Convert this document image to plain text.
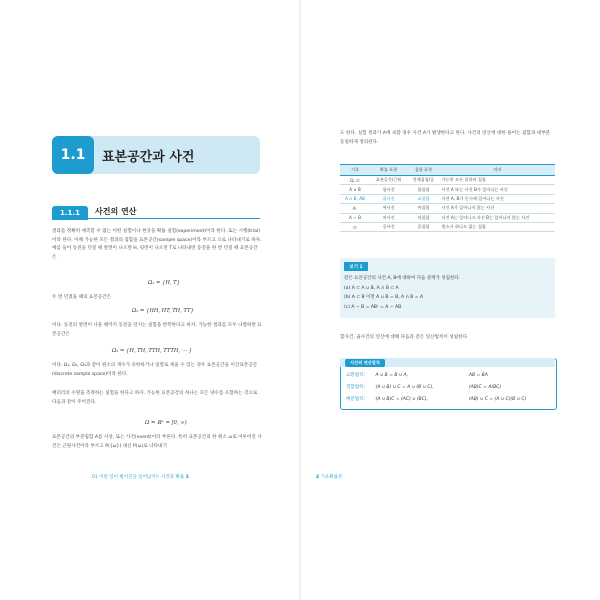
1.1	표본공간과 사건
1.1.1	사건의 연산
결과를 정확히 예측할 수 없는 어떤 실험이나 현상을 확률 실험(experiment)이라 한다. 또는 시행(trial)이라 한다. 이때 가능한 모든 결과의 집합을 표본공간(sample space)이라 부르고 으로 나타내기로 하자. 예를 들어 동전을 던질 때 앞면이 나오면 H, 뒷면이 나오면 T로 나타내면 동전을 한 번 던질 때 표본공간은
Ω₁ = {H, T}
두 번 던졌을 때의 표본공간은
Ω₂ = {HH, HT, TH, TT}
이다. 동전의 앞면이 나올 때까지 동전을 던지는 실험을 반복한다고 하자. 가능한 결과를 모두 나열하면 표본공간은
Ω₃ = {H, TH, TTH, TTTH, ⋯ }
이다. Ω₁, Ω₂, Ω₃과 같이 원소의 개수가 유한하거나 일렬로 세울 수 있는 경우 표본공간을 이산표본공간(discrete sample space)이라 한다.
배터리의 수명을 측정하는 실험을 한다고 하자. 가능한 표본공간의 하나는 모든 양수를 포함하는 것으로 다음과 같이 주어진다.
Ω = ℝ⁺ = [0, ∞)
표본공간의 부분집합 A를 사상, 또는 사건(event)이라 부른다. 특히 표본공간의 한 원소 ω로 이루어진 사건은 근원사건이라 부르고 P({ω}) 대신 P(ω)로 나타내기
01 어떤 일이 벌어진을 일어날까?: 사건과 확률 3
도 한다. 실험 결과가 A에 속할 경우 사건 A가 발생한다고 한다. 사건의 연산에 대한 용어는 집합과 대부분 동일하게 정의된다.
기호	확률 표현	집합 표현	의미
Ω, ∅	표본공간/근원	전체집합/공	가능한 모든 결과의 집합
A ∪ B	합사건	합집합	사건 A 또는 사건 B가 일어나는 사건
A ∩ B, AB	곱사건	교집합	사건 A, B가 동시에 일어나는 사건
Aᶜ	여사건	여집합	사건 A가 일어나지 않는 사건
A − B	차사건	차집합	사건 A는 일어나고 사건 B는 일어나지 않는 사건
∅	공사건	공집합	원소가 하나도 없는 집합
보기 1
같은 표본공간의 사건 A, B에 대하여 다음 관계가 성립한다.
(a) A ⊂ A ∪ B, A ∩ B ⊂ A
(b) A ⊂ B 이면 A ∪ B = B, A ∩ B = A
(c) A − B = ABᶜ = A − AB
합사건, 곱사건의 연산에 대해 다음과 같은 연산법칙이 성립한다.
사건의 연산법칙
교환법칙: A ∪ B = B ∪ A,	AB = BA
결합법칙: (A ∪ B) ∪ C = A ∪ (B ∪ C),	(AB)C = A(BC)
배분법칙: (A ∪ B)C = (AC) ∪ (BC),	(AB) ∪ C = (A ∪ C)(B ∪ C)
4 기초확률론
